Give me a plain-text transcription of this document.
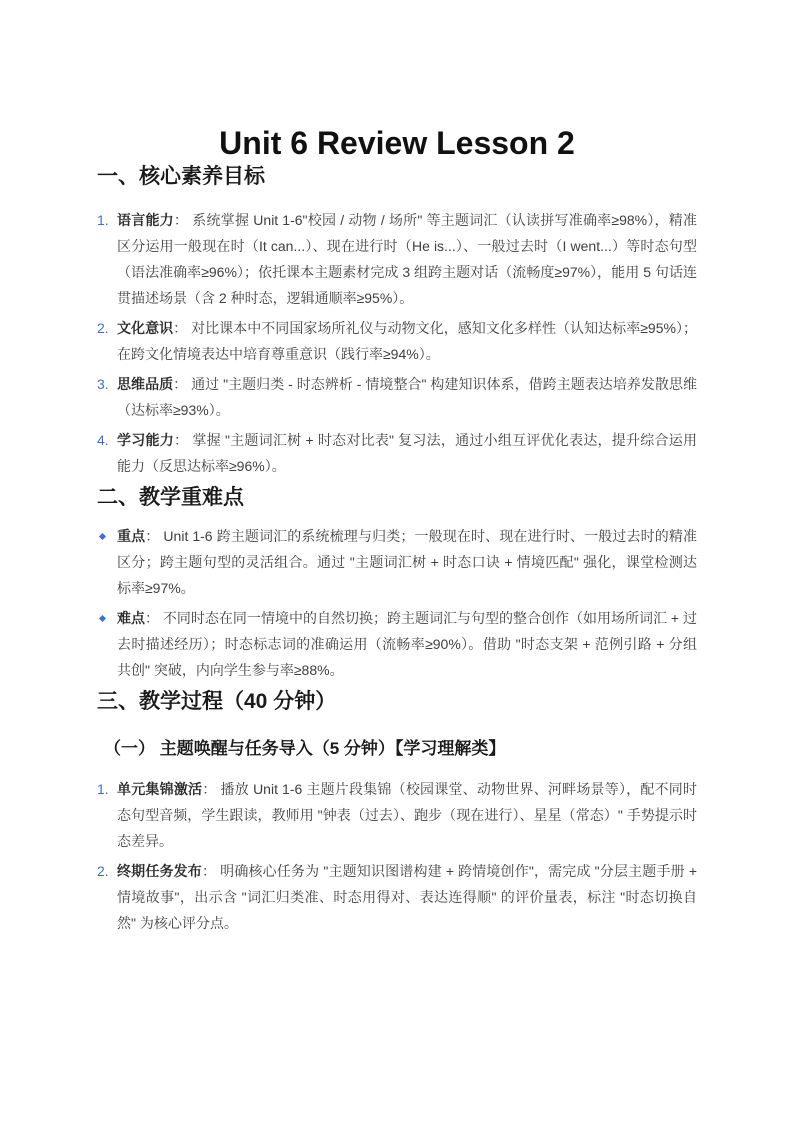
Unit 6 Review Lesson 2
一、核心素养目标
1. 语言能力： 系统掌握 Unit 1-6"校园 / 动物 / 场所" 等主题词汇（认读拼写准确率≥98%），精准区分运用一般现在时（It can...）、现在进行时（He is...）、一般过去时（I went...）等时态句型（语法准确率≥96%）；依托课本主题素材完成 3 组跨主题对话（流畅度≥97%），能用 5 句话连贯描述场景（含 2 种时态，逻辑通顺率≥95%）。
2. 文化意识： 对比课本中不同国家场所礼仪与动物文化，感知文化多样性（认知达标率≥95%）；在跨文化情境表达中培育尊重意识（践行率≥94%）。
3. 思维品质： 通过 "主题归类 - 时态辨析 - 情境整合" 构建知识体系，借跨主题表达培养发散思维（达标率≥93%）。
4. 学习能力： 掌握 "主题词汇树 + 时态对比表" 复习法，通过小组互评优化表达，提升综合运用能力（反思达标率≥96%）。
二、教学重难点
重点： Unit 1-6 跨主题词汇的系统梳理与归类；一般现在时、现在进行时、一般过去时的精准区分；跨主题句型的灵活组合。通过 "主题词汇树 + 时态口诀 + 情境匹配" 强化，课堂检测达标率≥97%。
难点： 不同时态在同一情境中的自然切换；跨主题词汇与句型的整合创作（如用场所词汇 + 过去时描述经历）；时态标志词的准确运用（流畅率≥90%）。借助 "时态支架 + 范例引路 + 分组共创" 突破，内向学生参与率≥88%。
三、教学过程（40 分钟）
（一） 主题唤醒与任务导入（5 分钟）【学习理解类】
1. 单元集锦激活： 播放 Unit 1-6 主题片段集锦（校园课堂、动物世界、河畔场景等），配不同时态句型音频，学生跟读，教师用 "钟表（过去）、跑步（现在进行）、星星（常态）" 手势提示时态差异。
2. 终期任务发布： 明确核心任务为 "主题知识图谱构建 + 跨情境创作"，需完成 "分层主题手册 + 情境故事"，出示含 "词汇归类准、时态用得对、表达连得顺" 的评价量表，标注 "时态切换自然" 为核心评分点。
